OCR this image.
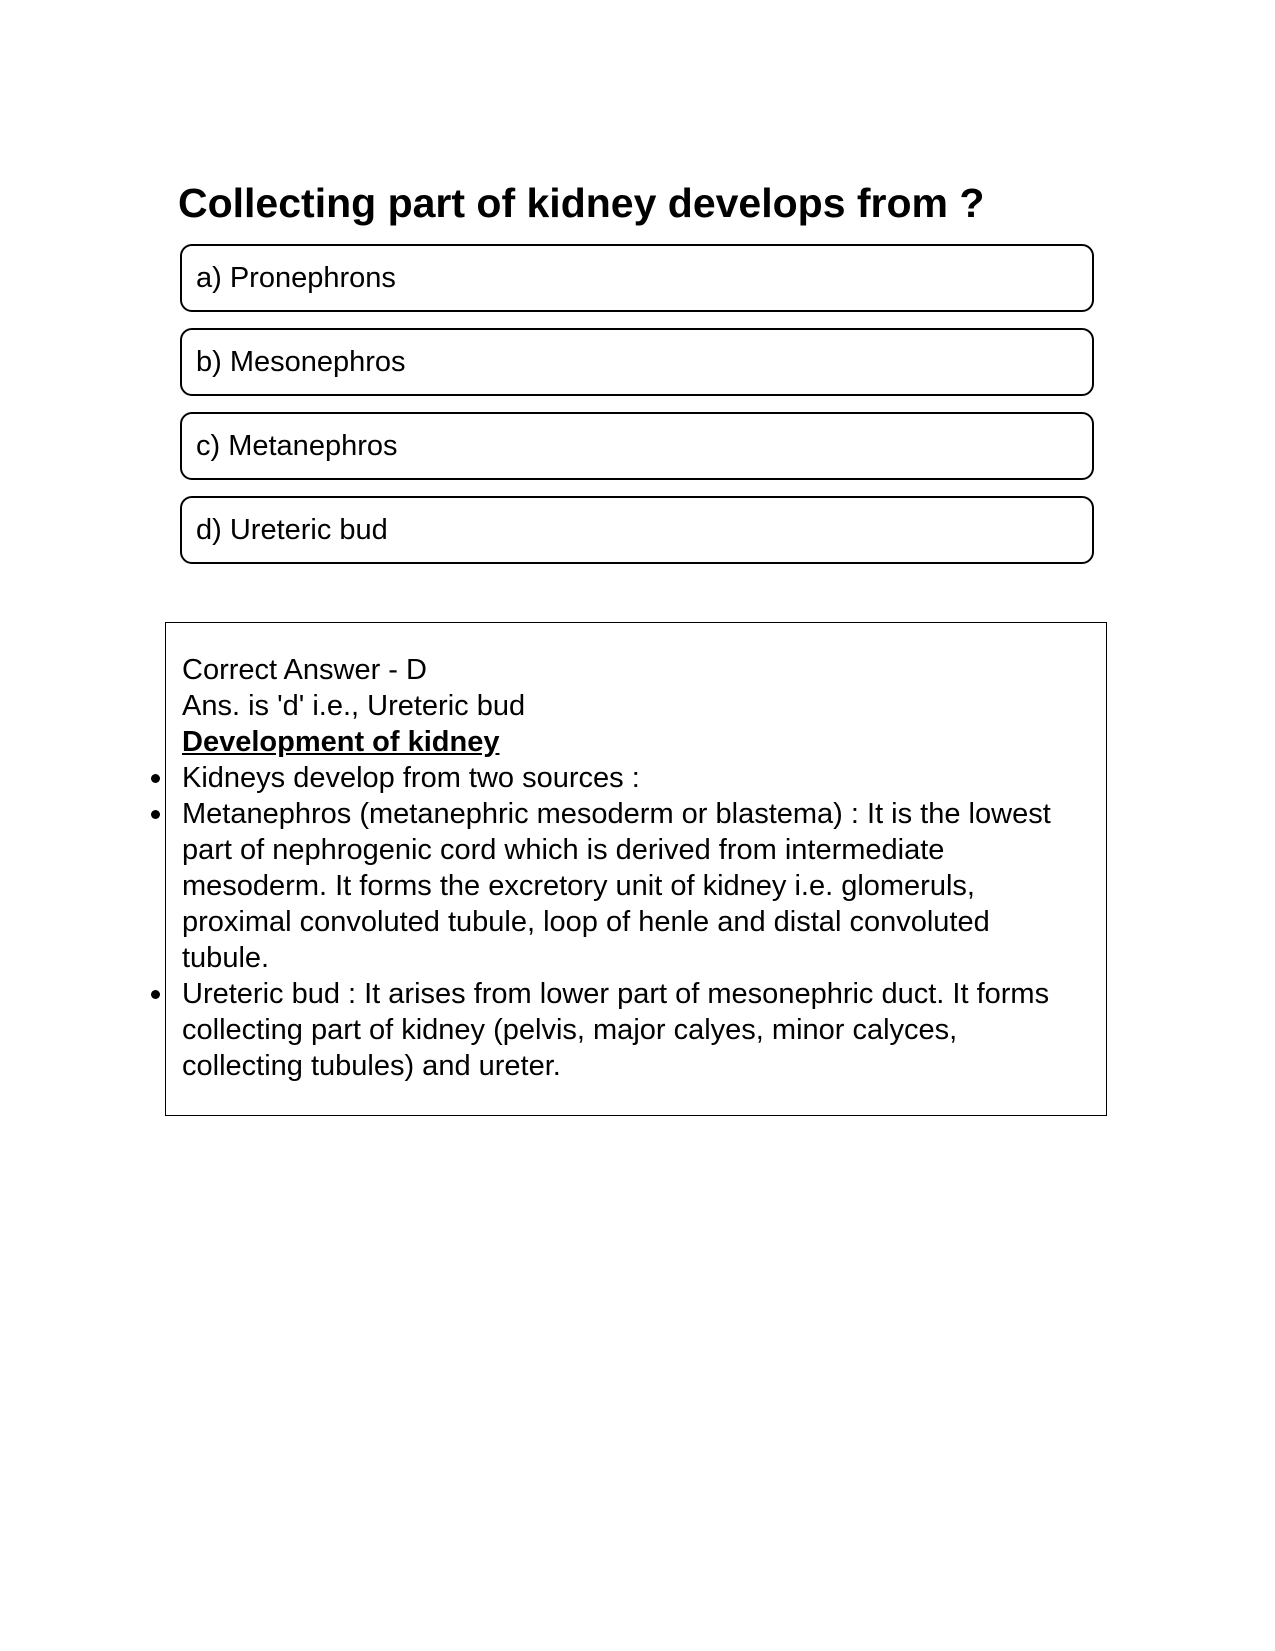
Collecting part of kidney develops from ?
a) Pronephrons
b) Mesonephros
c) Metanephros
d) Ureteric bud
Correct Answer - D
Ans. is 'd' i.e., Ureteric bud
Development of kidney
Kidneys develop from two sources :
Metanephros (metanephric mesoderm or blastema) : It is the lowest
part of nephrogenic cord which is derived from intermediate
mesoderm. It forms the excretory unit of kidney i.e. glomeruls,
proximal convoluted tubule, loop of henle and distal convoluted
tubule.
Ureteric bud : It arises from lower part of mesonephric duct. It forms
collecting part of kidney (pelvis, major calyes, minor calyces,
collecting tubules) and ureter.
